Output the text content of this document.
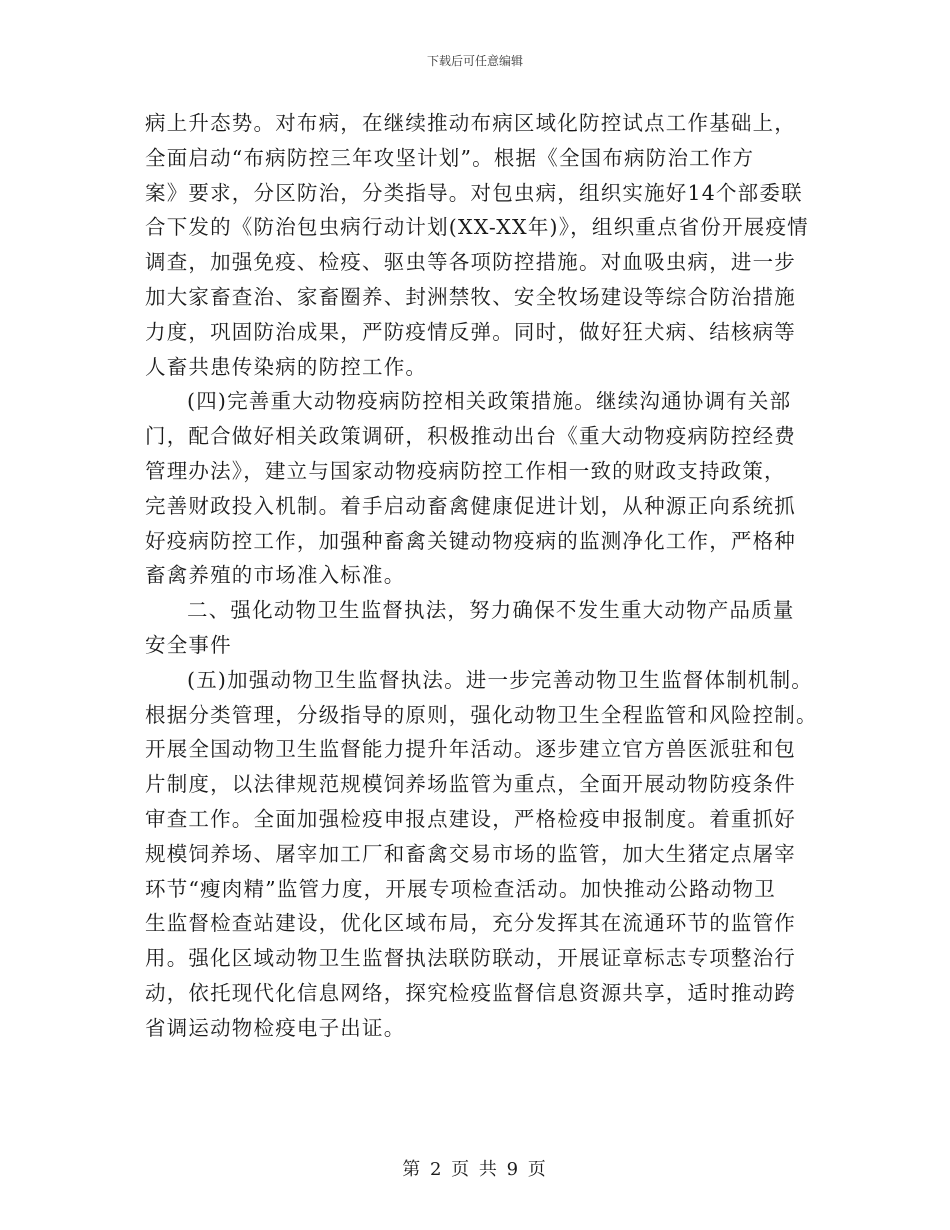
下载后可任意编辑
病上升态势。对布病，在继续推动布病区域化防控试点工作基础上，
全面启动“布病防控三年攻坚计划”。根据《全国布病防治工作方
案》要求，分区防治，分类指导。对包虫病，组织实施好14个部委联
合下发的《防治包虫病行动计划(XX-XX年)》，组织重点省份开展疫情
调查，加强免疫、检疫、驱虫等各项防控措施。对血吸虫病，进一步
加大家畜查治、家畜圈养、封洲禁牧、安全牧场建设等综合防治措施
力度，巩固防治成果，严防疫情反弹。同时，做好狂犬病、结核病等
人畜共患传染病的防控工作。
(四)完善重大动物疫病防控相关政策措施。继续沟通协调有关部
门，配合做好相关政策调研，积极推动出台《重大动物疫病防控经费
管理办法》，建立与国家动物疫病防控工作相一致的财政支持政策，
完善财政投入机制。着手启动畜禽健康促进计划，从种源正向系统抓
好疫病防控工作，加强种畜禽关键动物疫病的监测净化工作，严格种
畜禽养殖的市场准入标准。
二、强化动物卫生监督执法，努力确保不发生重大动物产品质量
安全事件
(五)加强动物卫生监督执法。进一步完善动物卫生监督体制机制。
根据分类管理，分级指导的原则，强化动物卫生全程监管和风险控制。
开展全国动物卫生监督能力提升年活动。逐步建立官方兽医派驻和包
片制度，以法律规范规模饲养场监管为重点，全面开展动物防疫条件
审查工作。全面加强检疫申报点建设，严格检疫申报制度。着重抓好
规模饲养场、屠宰加工厂和畜禽交易市场的监管，加大生猪定点屠宰
环节“瘦肉精”监管力度，开展专项检查活动。加快推动公路动物卫
生监督检查站建设，优化区域布局，充分发挥其在流通环节的监管作
用。强化区域动物卫生监督执法联防联动，开展证章标志专项整治行
动，依托现代化信息网络，探究检疫监督信息资源共享，适时推动跨
省调运动物检疫电子出证。
第 2 页 共 9 页
